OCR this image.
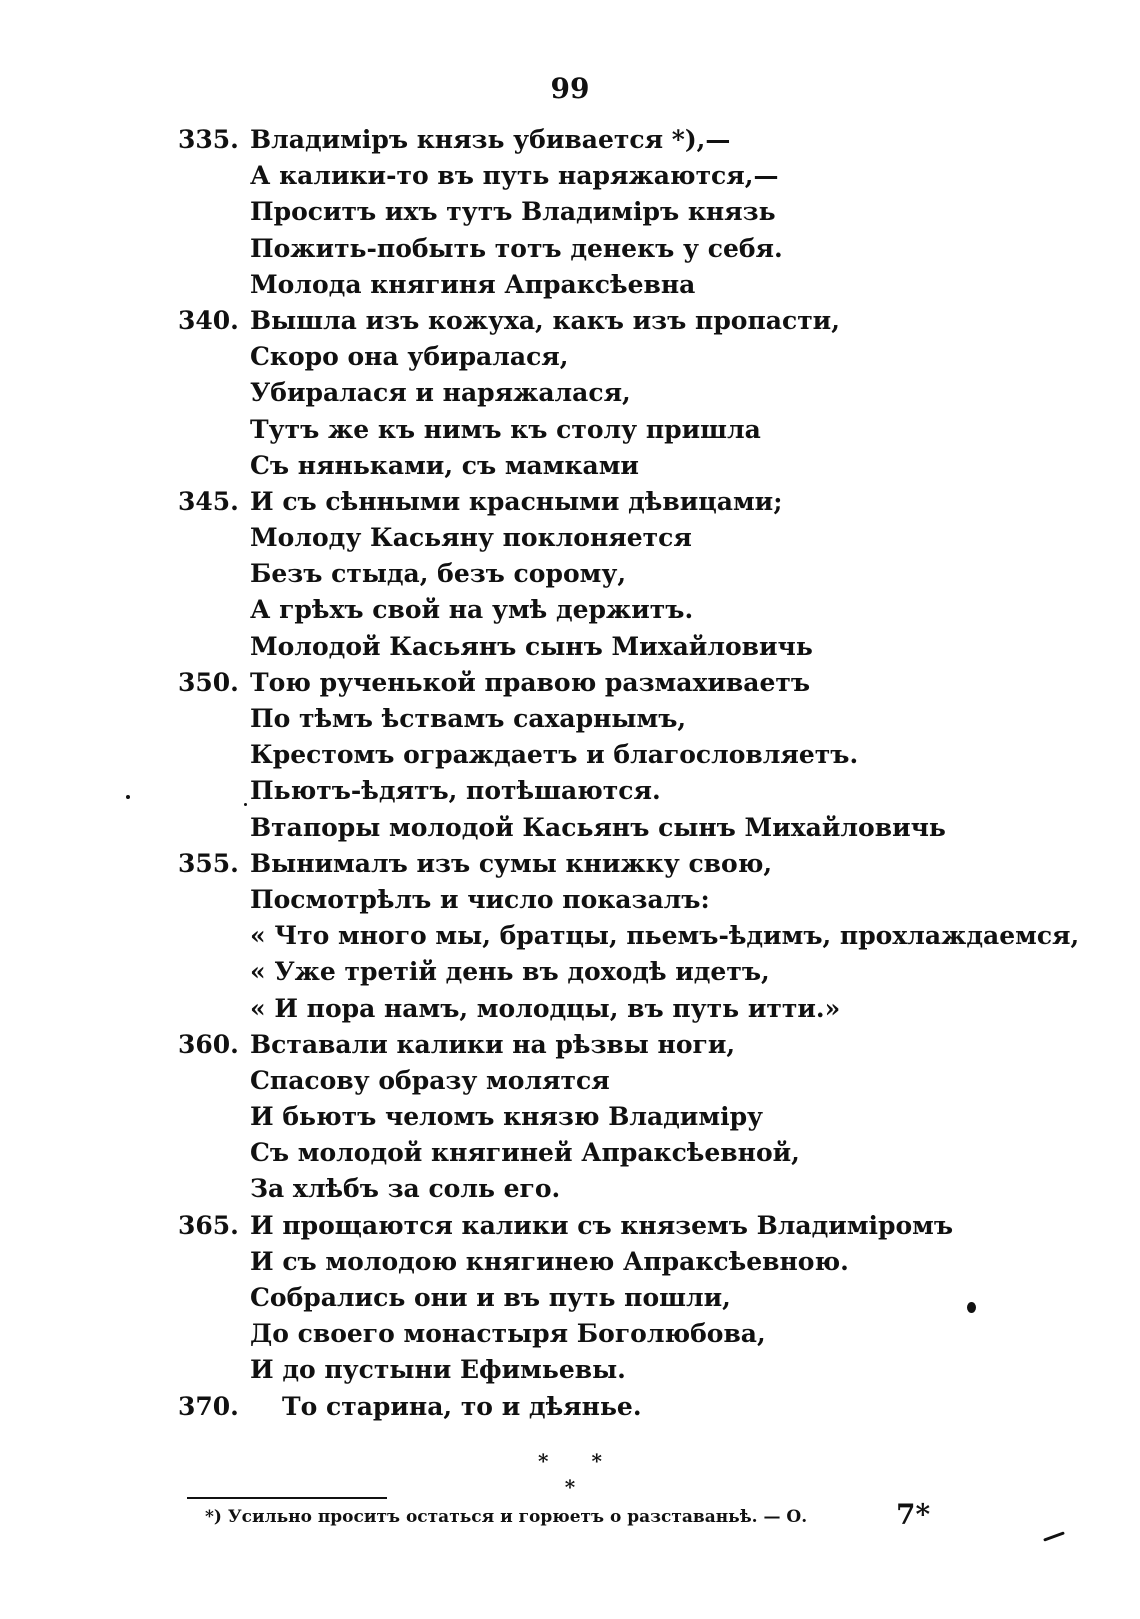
99
335. Владимiръ князь убивается *),—
А калики-то въ путь наряжаются,—
Проситъ ихъ тутъ Владимiръ князь
Пожить-побыть тотъ денекъ у себя.
Молода княгиня Апраксѣевна
340. Вышла изъ кожуха, какъ изъ пропасти,
Скоро она убиралася,
Убиралася и наряжалася,
Тутъ же къ нимъ къ столу пришла
Съ няньками, съ мамками
345. И съ сѣнными красными дѣвицами;
Молоду Касьяну поклоняется
Безъ стыда, безъ сорому,
А грѣхъ свой на умѣ держитъ.
Молодой Касьянъ сынъ Михайловичь
350. Тою рученькой правою размахиваетъ
По тѣмъ ѣствамъ сахарнымъ,
Крестомъ ограждаетъ и благословляетъ.
Пьютъ-ѣдятъ, потѣшаются.
Втапоры молодой Касьянъ сынъ Михайловичь
355. Вынималъ изъ сумы книжку свою,
Посмотрѣлъ и число показалъ:
« Что много мы, братцы, пьемъ-ѣдимъ, прохлаждаемся,
« Уже третiй день въ доходѣ идетъ,
« И пора намъ, молодцы, въ путь итти.»
360. Вставали калики на рѣзвы ноги,
Спасову образу молятся
И бьютъ челомъ князю Владимiру
Съ молодой княгиней Апраксѣевной,
За хлѣбъ за соль его.
365. И прощаются калики съ княземъ Владимiромъ
И съ молодою княгинею Апраксѣевною.
Собрались они и въ путь пошли,
До своего монастыря Боголюбова,
И до пустыни Ефимьевы.
370. То старина, то и дѣянье.
* *
*
*) Усильно проситъ остаться и горюетъ о разставаньѣ. — О.	7*
